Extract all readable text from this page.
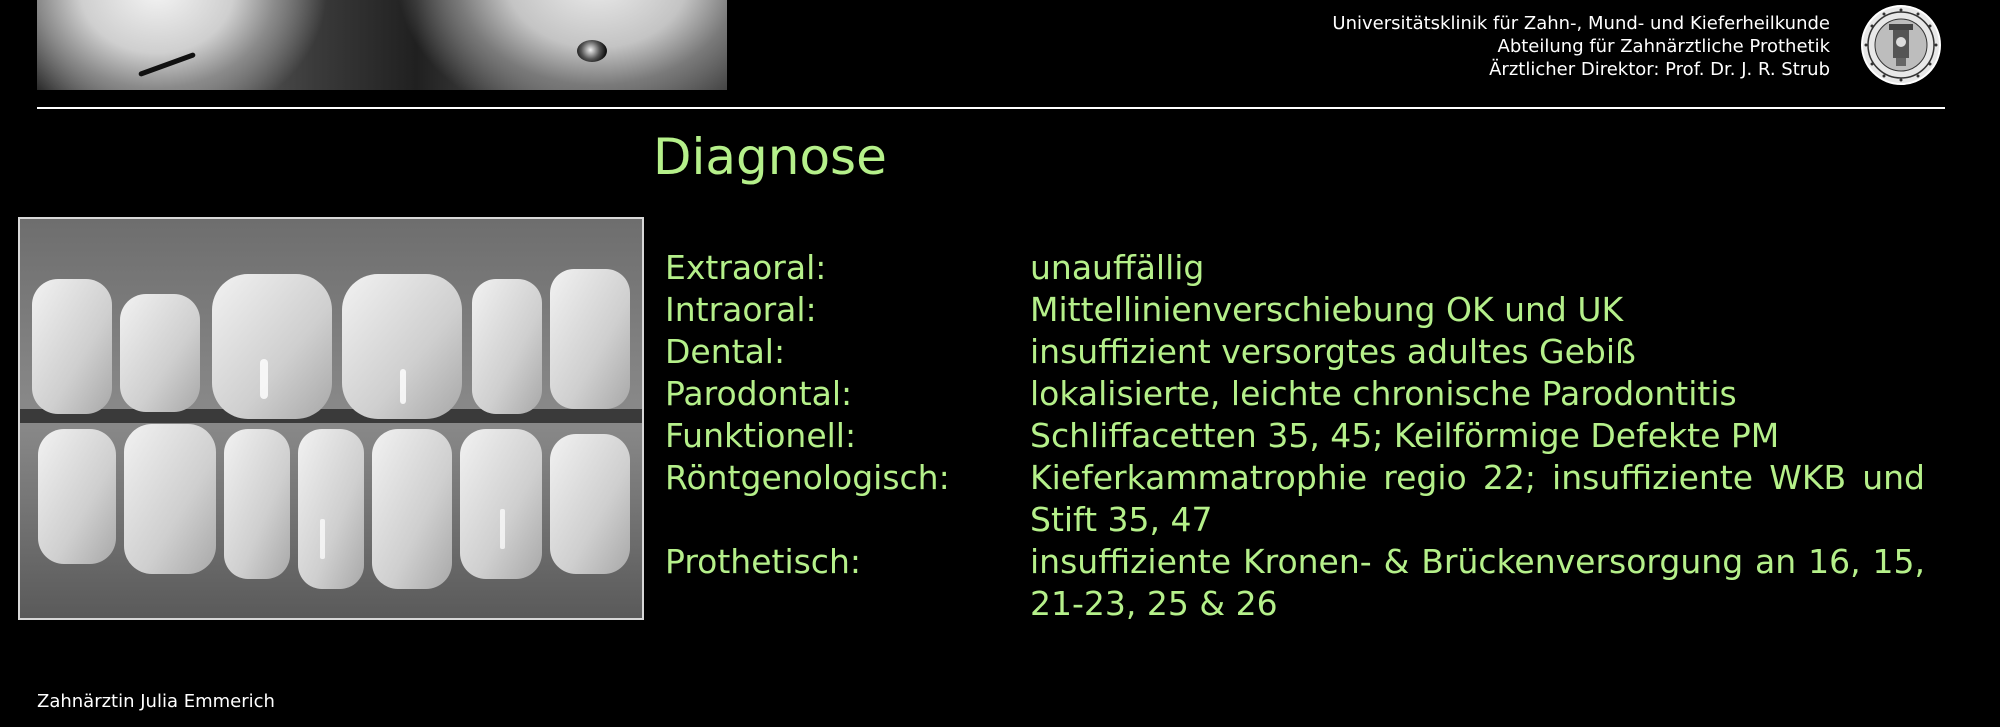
Universitätsklinik für Zahn-, Mund- und Kieferheilkunde
Abteilung für Zahnärztliche Prothetik
Ärztlicher Direktor: Prof. Dr. J. R. Strub
Diagnose
Extraoral:	unauffällig
Intraoral:	Mittellinienverschiebung OK und UK
Dental:	insuffizient versorgtes adultes Gebiß
Parodontal:	lokalisierte, leichte chronische Parodontitis
Funktionell:	Schliffacetten 35, 45; Keilförmige Defekte PM
Röntgenologisch:	Kieferkammatrophie regio 22; insuffiziente WKB und Stift 35, 47
Prothetisch:	insuffiziente Kronen- & Brückenversorgung an 16, 15, 21-23, 25 & 26
Zahnärztin Julia Emmerich
